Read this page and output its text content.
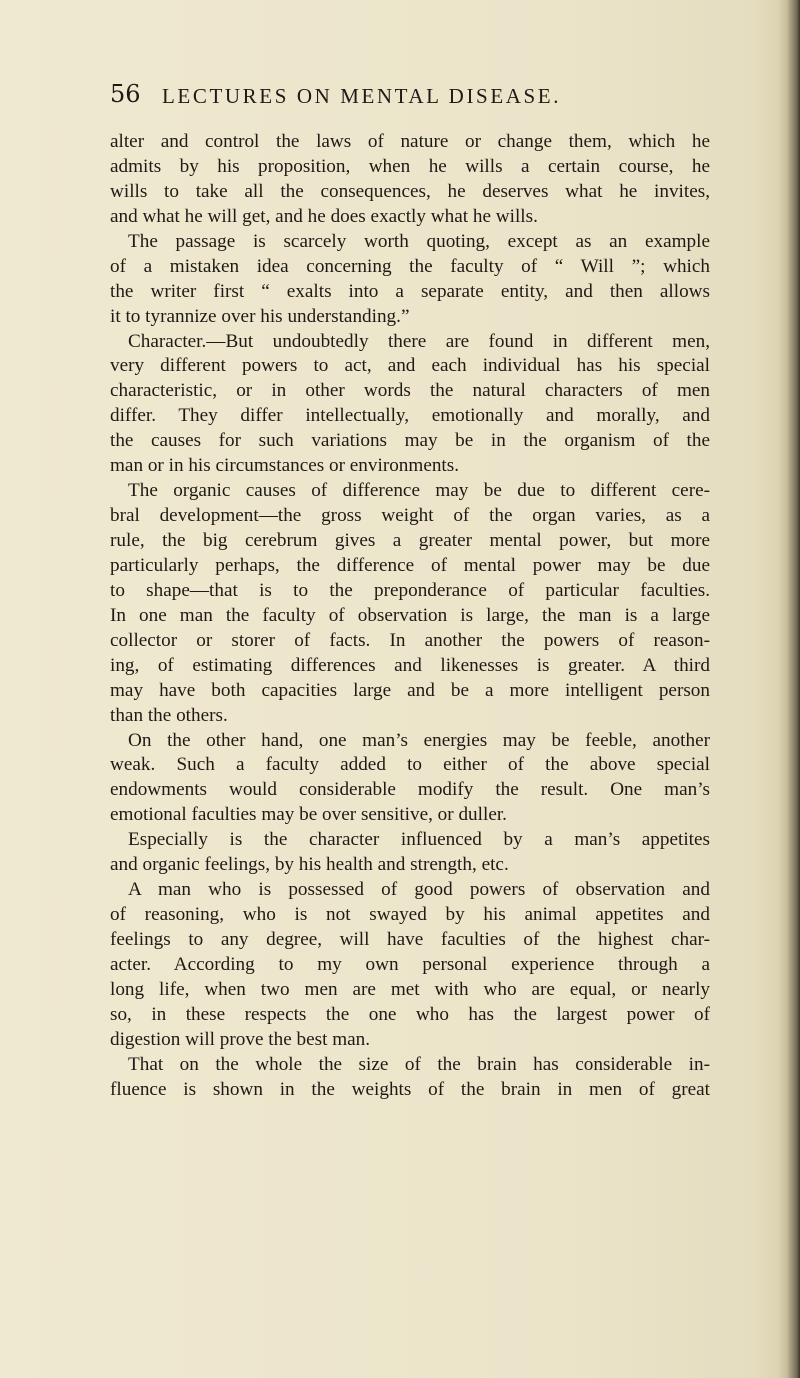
56 LECTURES ON MENTAL DISEASE.
alter and control the laws of nature or change them, which he
admits by his proposition, when he wills a certain course, he
wills to take all the consequences, he deserves what he invites,
and what he will get, and he does exactly what he wills.
The passage is scarcely worth quoting, except as an example
of a mistaken idea concerning the faculty of “ Will ”; which
the writer first “ exalts into a separate entity, and then allows
it to tyrannize over his understanding.”
Character.—But undoubtedly there are found in different men,
very different powers to act, and each individual has his special
characteristic, or in other words the natural characters of men
differ. They differ intellectually, emotionally and morally, and
the causes for such variations may be in the organism of the
man or in his circumstances or environments.
The organic causes of difference may be due to different cere-
bral development—the gross weight of the organ varies, as a
rule, the big cerebrum gives a greater mental power, but more
particularly perhaps, the difference of mental power may be due
to shape—that is to the preponderance of particular faculties.
In one man the faculty of observation is large, the man is a large
collector or storer of facts. In another the powers of reason-
ing, of estimating differences and likenesses is greater. A third
may have both capacities large and be a more intelligent person
than the others.
On the other hand, one man’s energies may be feeble, another
weak. Such a faculty added to either of the above special
endowments would considerable modify the result. One man’s
emotional faculties may be over sensitive, or duller.
Especially is the character influenced by a man’s appetites
and organic feelings, by his health and strength, etc.
A man who is possessed of good powers of observation and
of reasoning, who is not swayed by his animal appetites and
feelings to any degree, will have faculties of the highest char-
acter. According to my own personal experience through a
long life, when two men are met with who are equal, or nearly
so, in these respects the one who has the largest power of
digestion will prove the best man.
That on the whole the size of the brain has considerable in-
fluence is shown in the weights of the brain in men of great
